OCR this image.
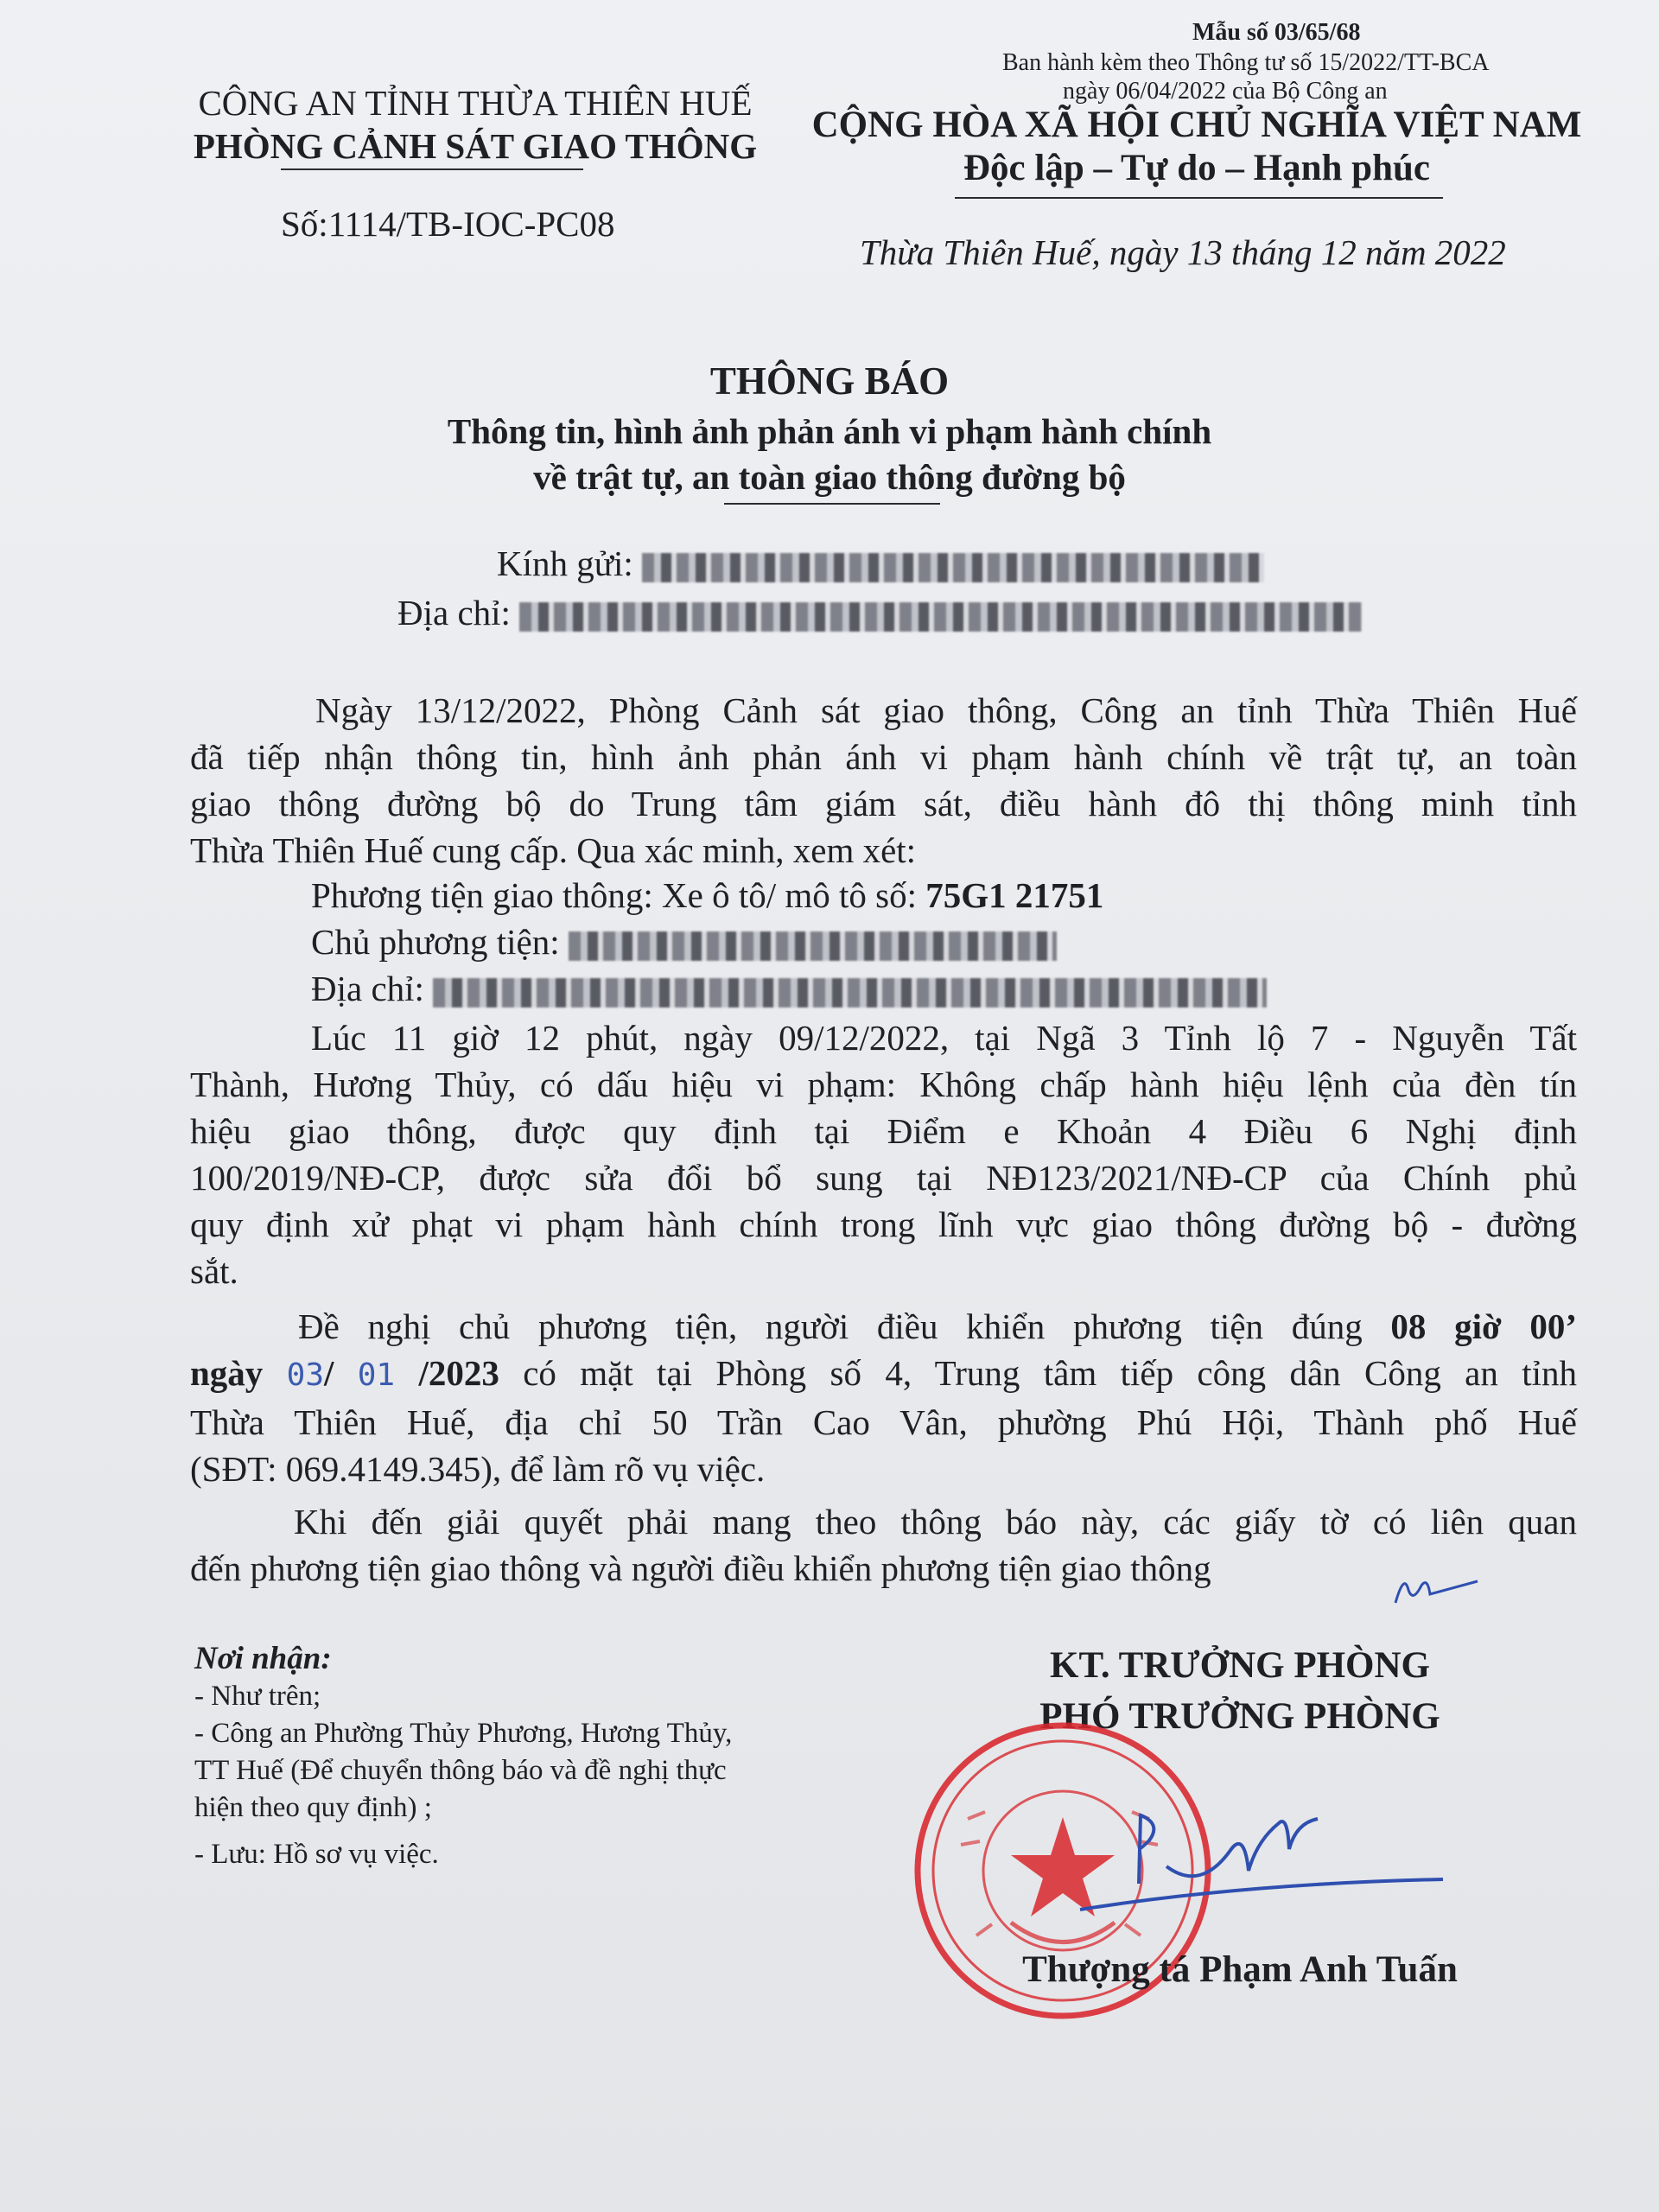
Mẫu số 03/65/68
Ban hành kèm theo Thông tư số 15/2022/TT-BCA
ngày 06/04/2022 của Bộ Công an
CÔNG AN TỈNH THỪA THIÊN HUẾ
PHÒNG CẢNH SÁT GIAO THÔNG
Số:1114/TB-IOC-PC08
CỘNG HÒA XÃ HỘI CHỦ NGHĨA VIỆT NAM
Độc lập – Tự do – Hạnh phúc
Thừa Thiên Huế, ngày 13 tháng 12 năm 2022
THÔNG BÁO
Thông tin, hình ảnh phản ánh vi phạm hành chính
về trật tự, an toàn giao thông đường bộ
Kính gửi:
Địa chỉ:
Ngày 13/12/2022, Phòng Cảnh sát giao thông, Công an tỉnh Thừa Thiên Huế
đã tiếp nhận thông tin, hình ảnh phản ánh vi phạm hành chính về trật tự, an toàn
giao thông đường bộ do Trung tâm giám sát, điều hành đô thị thông minh tỉnh
Thừa Thiên Huế cung cấp. Qua xác minh, xem xét:
Phương tiện giao thông: Xe ô tô/ mô tô số: 75G1 21751
Chủ phương tiện:
Địa chỉ:
Lúc 11 giờ 12 phút, ngày 09/12/2022, tại Ngã 3 Tỉnh lộ 7 - Nguyễn Tất
Thành, Hương Thủy, có dấu hiệu vi phạm: Không chấp hành hiệu lệnh của đèn tín
hiệu giao thông, được quy định tại Điểm e Khoản 4 Điều 6 Nghị định
100/2019/NĐ-CP, được sửa đổi bổ sung tại NĐ123/2021/NĐ-CP của Chính phủ
quy định xử phạt vi phạm hành chính trong lĩnh vực giao thông đường bộ - đường
sắt.
Đề nghị chủ phương tiện, người điều khiển phương tiện đúng 08 giờ 00’
ngày 03/ 01 /2023 có mặt tại Phòng số 4, Trung tâm tiếp công dân Công an tỉnh
Thừa Thiên Huế, địa chỉ 50 Trần Cao Vân, phường Phú Hội, Thành phố Huế
(SĐT: 069.4149.345), để làm rõ vụ việc.
Khi đến giải quyết phải mang theo thông báo này, các giấy tờ có liên quan
đến phương tiện giao thông và người điều khiển phương tiện giao thông
Nơi nhận:
- Như trên;
- Công an Phường Thủy Phương, Hương Thủy,
TT Huế (Để chuyển thông báo và đề nghị thực
hiện theo quy định) ;
- Lưu: Hồ sơ vụ việc.
KT. TRƯỞNG PHÒNG
PHÓ TRƯỞNG PHÒNG
Thượng tá Phạm Anh Tuấn
